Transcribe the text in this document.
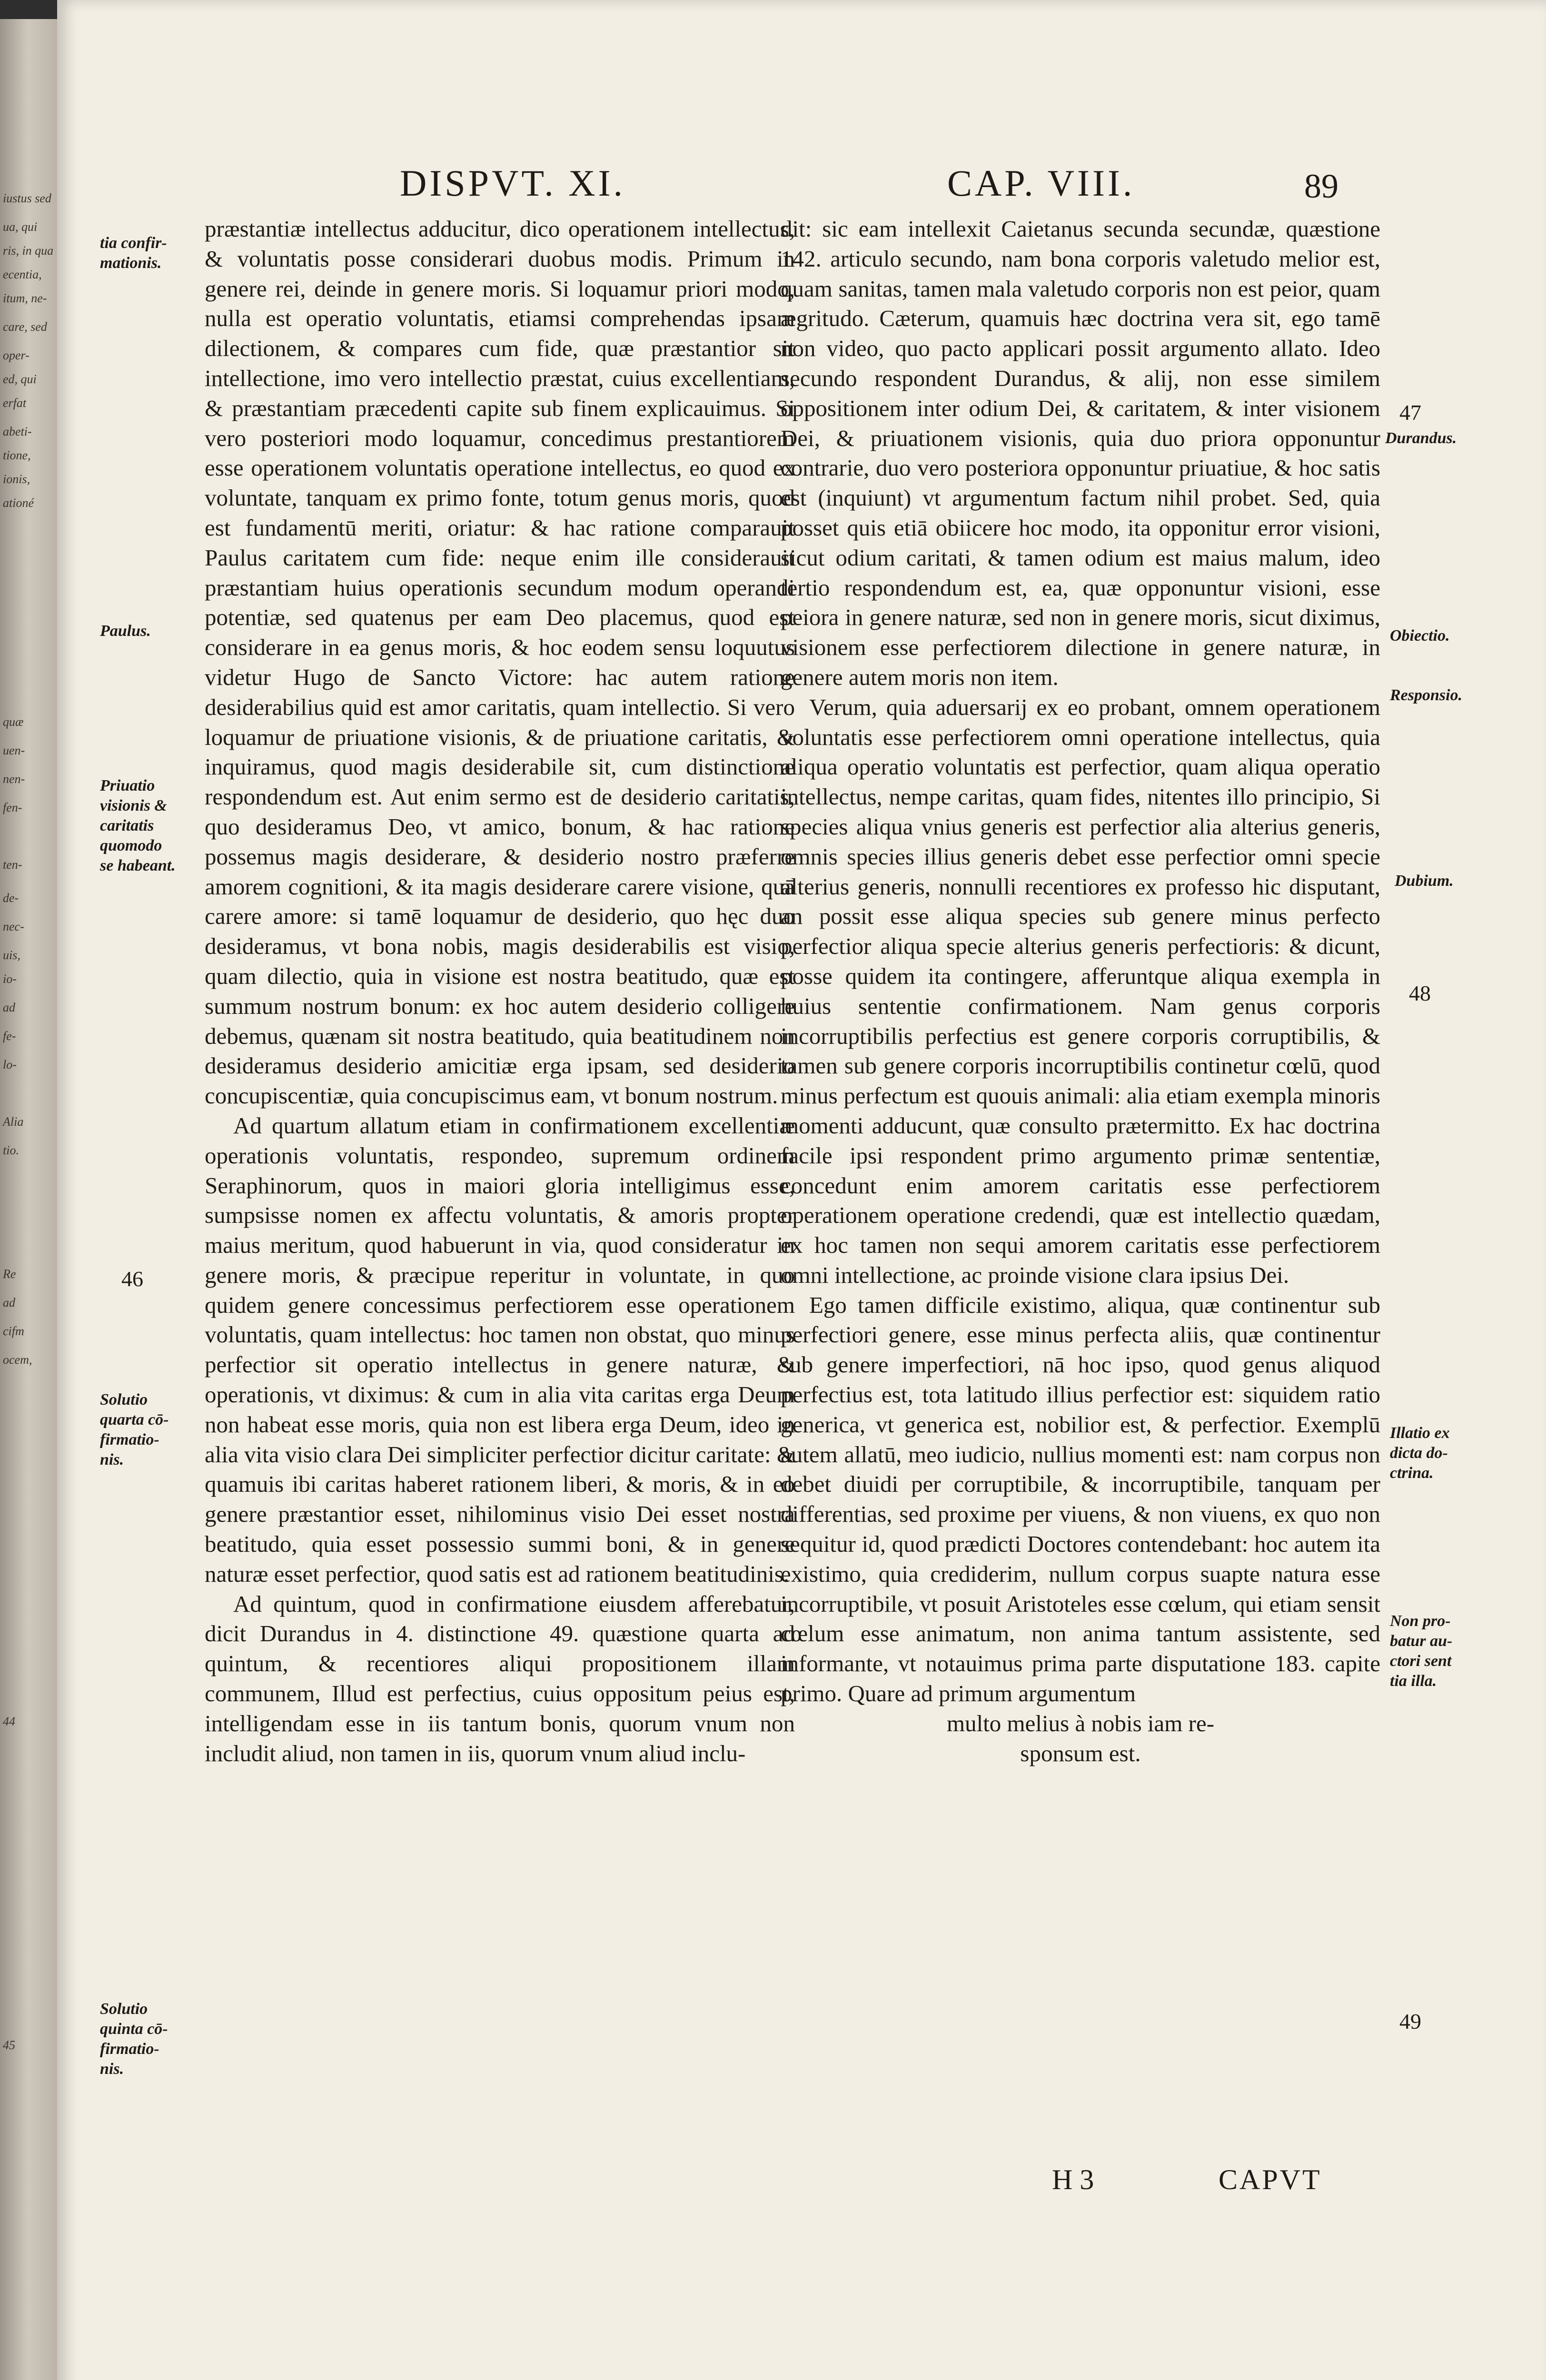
iustus sed
ua, qui
ris, in qua
ecentia,
itum, ne-
care, sed
oper-
ed, qui
erfat
abeti-
tione,
ionis,
ationé
quæ
uen-
nen-
fen-
ten-
de-
nec-
uis,
io-
ad
fe-
lo-
Alia
tio.
Re
ad
cifm
ocem,
44
45
DISPVT. XI.	CAP. VIII.	89
tia confir-
mationis.
Paulus.
Priuatio
visionis &
caritatis
quomodo
se habeant.
46
Solutio
quarta cō-
firmatio-
nis.
Solutio
quinta cō-
firmatio-
nis.

præstantiæ intellectus adducitur, dico operationem intellectus, & voluntatis posse considerari duobus modis. Primum in genere rei, deinde in genere moris. Si loquamur priori modo, nulla est operatio voluntatis, etiamsi comprehendas ipsam dilectionem, & compares cum fide, quæ præstantior sit intellectione, imo vero intellectio præstat, cuius excellentiam, & præstantiam præcedenti capite sub finem explicauimus. Si vero posteriori modo loquamur, concedimus prestantiorem esse operationem voluntatis operatione intellectus, eo quod ex voluntate, tanquam ex primo fonte, totum genus moris, quod est fundamentū meriti, oriatur: & hac ratione comparauit Paulus caritatem cum fide: neque enim ille considerauit præstantiam huius operationis secundum modum operandi potentiæ, sed quatenus per eam Deo placemus, quod est considerare in ea genus moris, & hoc eodem sensu loquutus videtur Hugo de Sancto Victore: hac autem ratione desiderabilius quid est amor caritatis, quam intellectio. Si vero loquamur de priuatione visionis, & de priuatione caritatis, & inquiramus, quod magis desiderabile sit, cum distinctione respondendum est. Aut enim sermo est de desiderio caritatis, quo desideramus Deo, vt amico, bonum, & hac ratione possemus magis desiderare, & desiderio nostro præferre amorem cognitioni, & ita magis desiderare carere visione, quā carere amore: si tamē loquamur de desiderio, quo hęc duo desideramus, vt bona nobis, magis desiderabilis est visio, quam dilectio, quia in visione est nostra beatitudo, quæ est summum nostrum bonum: ex hoc autem desiderio colligere debemus, quænam sit nostra beatitudo, quia beatitudinem non desideramus desiderio amicitiæ erga ipsam, sed desiderio concupiscentiæ, quia concupiscimus eam, vt bonum nostrum.

Ad quartum allatum etiam in confirmationem excellentiæ operationis voluntatis, respondeo, supremum ordinem Seraphinorum, quos in maiori gloria intelligimus esse, sumpsisse nomen ex affectu voluntatis, & amoris propter maius meritum, quod habuerunt in via, quod consideratur in genere moris, & præcipue reperitur in voluntate, in quo quidem genere concessimus perfectiorem esse operationem voluntatis, quam intellectus: hoc tamen non obstat, quo minus perfectior sit operatio intellectus in genere naturæ, & operationis, vt diximus: & cum in alia vita caritas erga Deum non habeat esse moris, quia non est libera erga Deum, ideo in alia vita visio clara Dei simpliciter perfectior dicitur caritate: & quamuis ibi caritas haberet rationem liberi, & moris, & in eo genere præstantior esset, nihilominus visio Dei esset nostra beatitudo, quia esset possessio summi boni, & in genere naturæ esset perfectior, quod satis est ad rationem beatitudinis.

Ad quintum, quod in confirmatione eiusdem afferebatur, dicit Durandus in 4. distinctione 49. quæstione quarta ad quintum, & recentiores aliqui propositionem illam communem, Illud est perfectius, cuius oppositum peius est, intelligendam esse in iis tantum bonis, quorum vnum non includit aliud, non tamen in iis, quorum vnum aliud inclu-

dit: sic eam intellexit Caietanus secunda secundæ, quæstione 142. articulo secundo, nam bona corporis valetudo melior est, quam sanitas, tamen mala valetudo corporis non est peior, quam ægritudo. Cæterum, quamuis hæc doctrina vera sit, ego tamē non video, quo pacto applicari possit argumento allato. Ideo secundo respondent Durandus, & alij, non esse similem oppositionem inter odium Dei, & caritatem, & inter visionem Dei, & priuationem visionis, quia duo priora opponuntur contrarie, duo vero posteriora opponuntur priuatiue, & hoc satis est (inquiunt) vt argumentum factum nihil probet. Sed, quia posset quis etiā obiicere hoc modo, ita opponitur error visioni, sicut odium caritati, & tamen odium est maius malum, ideo tertio respondendum est, ea, quæ opponuntur visioni, esse peiora in genere naturæ, sed non in genere moris, sicut diximus, visionem esse perfectiorem dilectione in genere naturæ, in genere autem moris non item.

Verum, quia aduersarij ex eo probant, omnem operationem voluntatis esse perfectiorem omni operatione intellectus, quia aliqua operatio voluntatis est perfectior, quam aliqua operatio intellectus, nempe caritas, quam fides, nitentes illo principio, Si species aliqua vnius generis est perfectior alia alterius generis, omnis species illius generis debet esse perfectior omni specie alterius generis, nonnulli recentiores ex professo hic disputant, an possit esse aliqua species sub genere minus perfecto perfectior aliqua specie alterius generis perfectioris: & dicunt, posse quidem ita contingere, afferuntque aliqua exempla in huius sententie confirmationem. Nam genus corporis incorruptibilis perfectius est genere corporis corruptibilis, & tamen sub genere corporis incorruptibilis continetur cœlū, quod minus perfectum est quouis animali: alia etiam exempla minoris momenti adducunt, quæ consulto prætermitto. Ex hac doctrina facile ipsi respondent primo argumento primæ sententiæ, concedunt enim amorem caritatis esse perfectiorem operationem operatione credendi, quæ est intellectio quædam, ex hoc tamen non sequi amorem caritatis esse perfectiorem omni intellectione, ac proinde visione clara ipsius Dei.

Ego tamen difficile existimo, aliqua, quæ continentur sub perfectiori genere, esse minus perfecta aliis, quæ continentur sub genere imperfectiori, nā hoc ipso, quod genus aliquod perfectius est, tota latitudo illius perfectior est: siquidem ratio generica, vt generica est, nobilior est, & perfectior. Exemplū autem allatū, meo iudicio, nullius momenti est: nam corpus non debet diuidi per corruptibile, & incorruptibile, tanquam per differentias, sed proxime per viuens, & non viuens, ex quo non sequitur id, quod prædicti Doctores contendebant: hoc autem ita existimo, quia crediderim, nullum corpus suapte natura esse incorruptibile, vt posuit Aristoteles esse cœlum, qui etiam sensit cœlum esse animatum, non anima tantum assistente, sed informante, vt notauimus prima parte disputatione 183. capite primo. Quare ad primum argumentum

multo melius à nobis iam re-

sponsum est.

47
Durandus.
Obiectio.
Responsio.
Dubium.
48
Illatio ex
dicta do-
ctrina.
Non pro-
batur au-
ctori sent
tia illa.
49
H 3	CAPVT
